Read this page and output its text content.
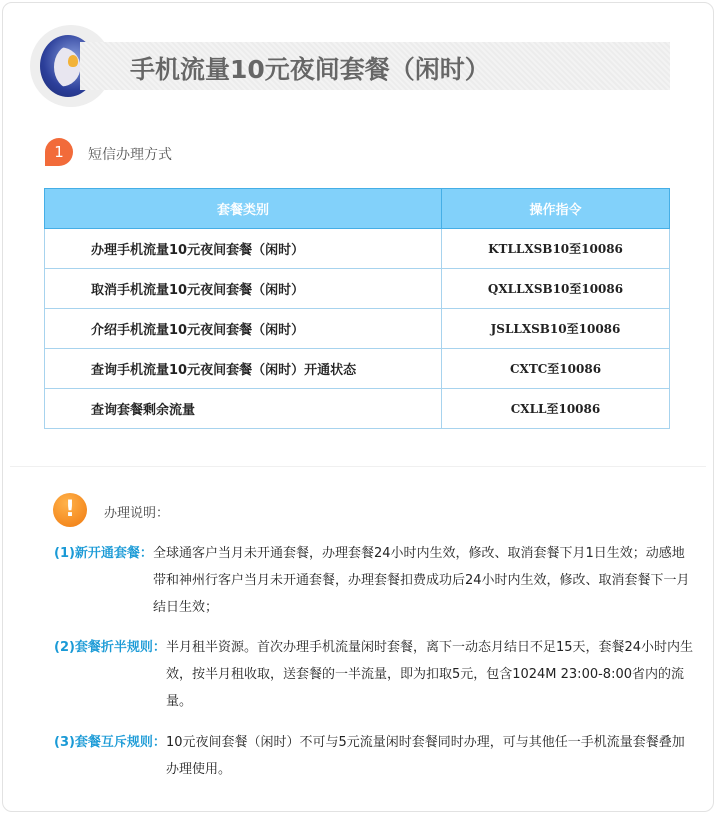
手机流量10元夜间套餐（闲时）
1	短信办理方式
套餐类别	操作指令
办理手机流量10元夜间套餐（闲时）	KTLLXSB10至10086
取消手机流量10元夜间套餐（闲时）	QXLLXSB10至10086
介绍手机流量10元夜间套餐（闲时）	JSLLXSB10至10086
查询手机流量10元夜间套餐（闲时）开通状态	CXTC至10086
查询套餐剩余流量	CXLL至10086
!	办理说明：
(1)新开通套餐： 全球通客户当月未开通套餐，办理套餐24小时内生效，修改、取消套餐下月1日生效；动感地带和神州行客户当月未开通套餐，办理套餐扣费成功后24小时内生效，修改、取消套餐下一月结日生效；
(2)套餐折半规则： 半月租半资源。首次办理手机流量闲时套餐，离下一动态月结日不足15天，套餐24小时内生效，按半月租收取，送套餐的一半流量，即为扣取5元，包含1024M 23:00-8:00省内的流量。
(3)套餐互斥规则： 10元夜间套餐（闲时）不可与5元流量闲时套餐同时办理，可与其他任一手机流量套餐叠加办理使用。
